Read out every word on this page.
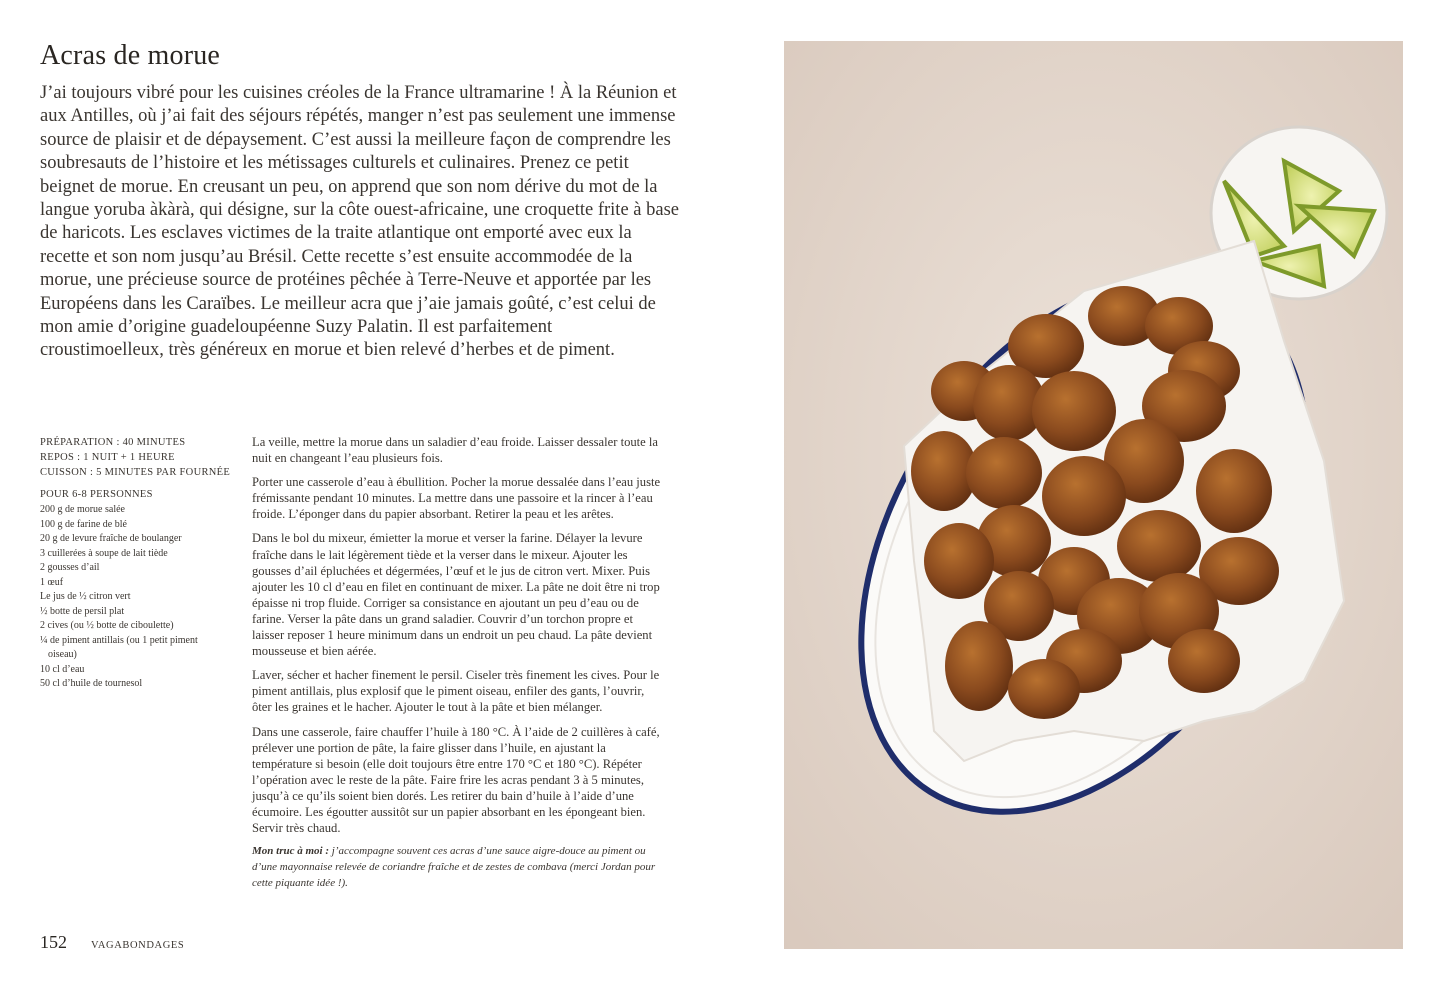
Acras de morue

J’ai toujours vibré pour les cuisines créoles de la France ultramarine ! À la Réunion et aux Antilles, où j’ai fait des séjours répétés, manger n’est pas seulement une immense source de plaisir et de dépaysement. C’est aussi la meilleure façon de comprendre les soubresauts de l’histoire et les métissages culturels et culinaires. Prenez ce petit beignet de morue. En creusant un peu, on apprend que son nom dérive du mot de la langue yoruba àkàrà, qui désigne, sur la côte ouest-africaine, une croquette frite à base de haricots. Les esclaves victimes de la traite atlantique ont emporté avec eux la recette et son nom jusqu’au Brésil. Cette recette s’est ensuite accommodée de la morue, une précieuse source de protéines pêchée à Terre-Neuve et apportée par les Européens dans les Caraïbes. Le meilleur acra que j’aie jamais goûté, c’est celui de mon amie d’origine guadeloupéenne Suzy Palatin. Il est parfaitement croustimoelleux, très généreux en morue et bien relevé d’herbes et de piment.

PRÉPARATION : 40 MINUTES
REPOS : 1 NUIT + 1 HEURE
CUISSON : 5 MINUTES PAR FOURNÉE
POUR 6-8 PERSONNES
200 g de morue salée
100 g de farine de blé
20 g de levure fraîche de boulanger
3 cuillerées à soupe de lait tiède
2 gousses d’ail
1 œuf
Le jus de ½ citron vert
½ botte de persil plat
2 cives (ou ½ botte de ciboulette)
¼ de piment antillais (ou 1 petit piment
oiseau)
10 cl d’eau
50 cl d’huile de tournesol

La veille, mettre la morue dans un saladier d’eau froide. Laisser dessaler toute la nuit en changeant l’eau plusieurs fois.

Porter une casserole d’eau à ébullition. Pocher la morue dessalée dans l’eau juste frémissante pendant 10 minutes. La mettre dans une passoire et la rincer à l’eau froide. L’éponger dans du papier absorbant. Retirer la peau et les arêtes.

Dans le bol du mixeur, émietter la morue et verser la farine. Délayer la levure fraîche dans le lait légèrement tiède et la verser dans le mixeur. Ajouter les gousses d’ail épluchées et dégermées, l’œuf et le jus de citron vert. Mixer. Puis ajouter les 10 cl d’eau en filet en continuant de mixer. La pâte ne doit être ni trop épaisse ni trop fluide. Corriger sa consistance en ajoutant un peu d’eau ou de farine. Verser la pâte dans un grand saladier. Couvrir d’un torchon propre et laisser reposer 1 heure minimum dans un endroit un peu chaud. La pâte devient mousseuse et bien aérée.

Laver, sécher et hacher finement le persil. Ciseler très finement les cives. Pour le piment antillais, plus explosif que le piment oiseau, enfiler des gants, l’ouvrir, ôter les graines et le hacher. Ajouter le tout à la pâte et bien mélanger.

Dans une casserole, faire chauffer l’huile à 180 °C. À l’aide de 2 cuillères à café, prélever une portion de pâte, la faire glisser dans l’huile, en ajustant la température si besoin (elle doit toujours être entre 170 °C et 180 °C). Répéter l’opération avec le reste de la pâte. Faire frire les acras pendant 3 à 5 minutes, jusqu’à ce qu’ils soient bien dorés. Les retirer du bain d’huile à l’aide d’une écumoire. Les égoutter aussitôt sur un papier absorbant en les épongeant bien. Servir très chaud.

Mon truc à moi : j’accompagne souvent ces acras d’une sauce aigre-douce au piment ou d’une mayonnaise relevée de coriandre fraîche et de zestes de combava (merci Jordan pour cette piquante idée !).

152 VAGABONDAGES
